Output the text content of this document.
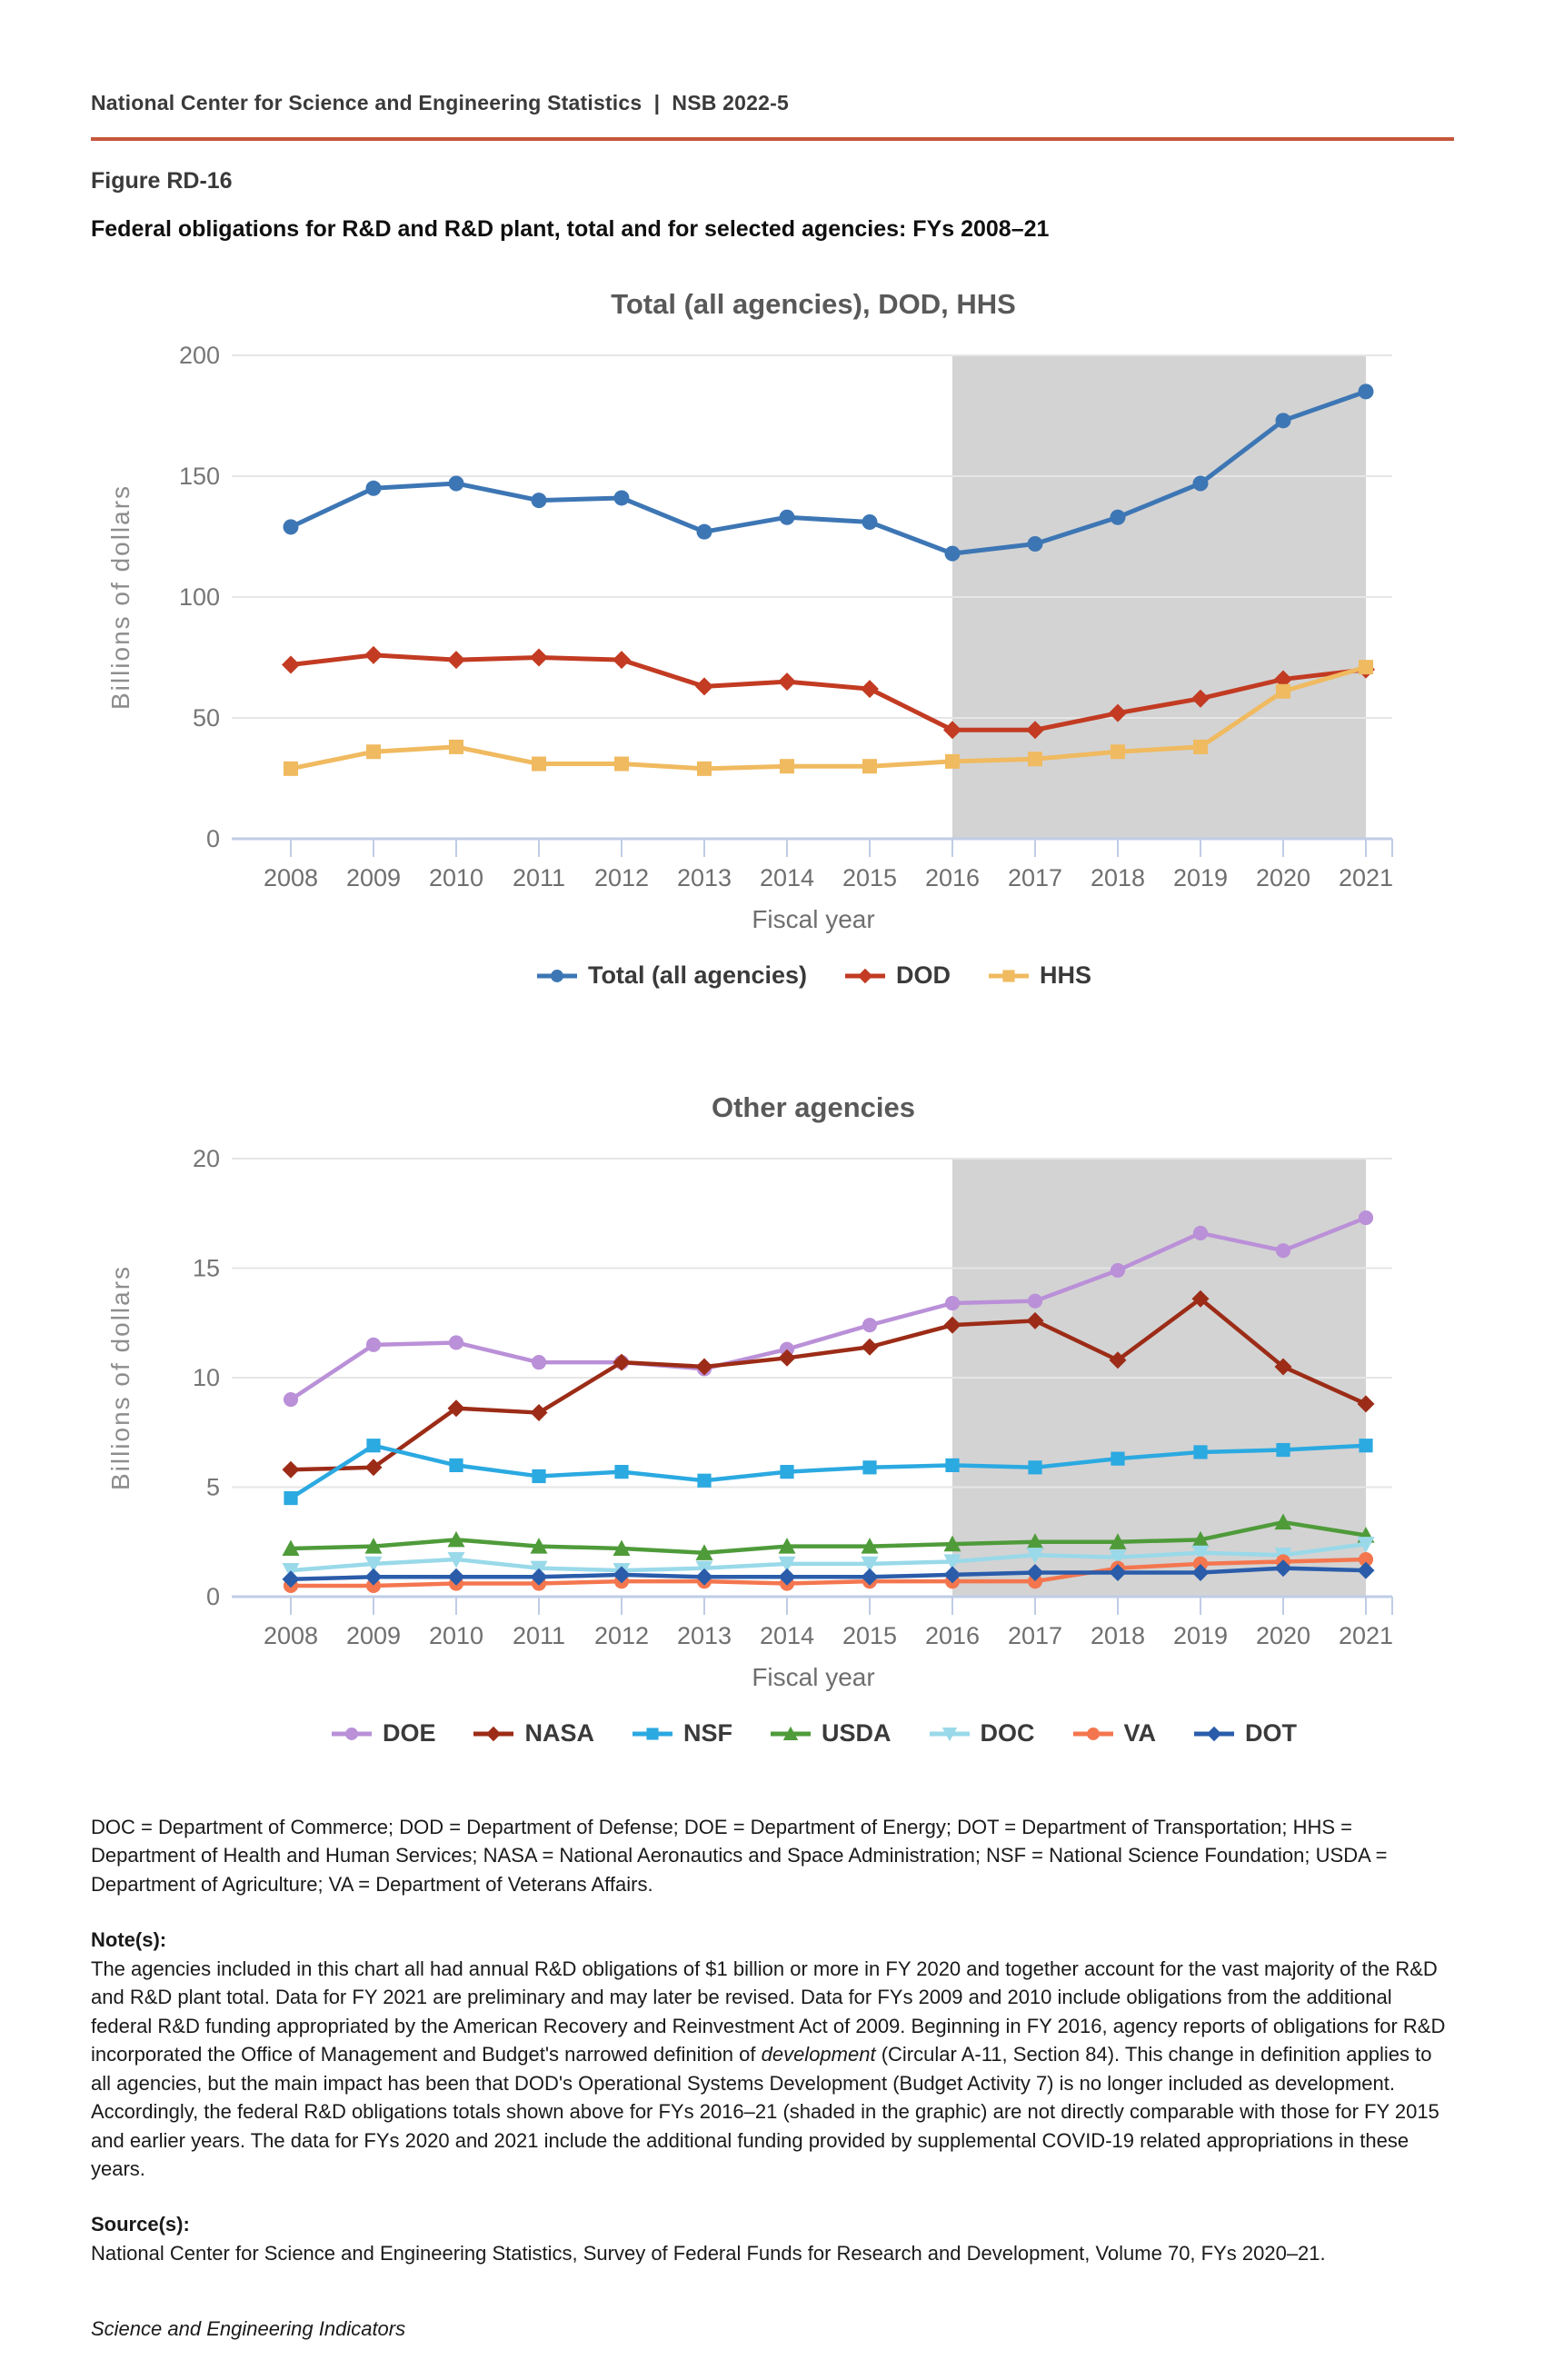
National Center for Science and Engineering Statistics  |  NSB 2022-5
Figure RD-16
Federal obligations for R&D and R&D plant, total and for selected agencies: FYs 2008–21
Total (all agencies), DOD, HHS
2008 2009 2010 2011 2012 2013 2014 2015 2016 2017 2018 2019 2020 2021
0
50
100
150
200
Billions of dollars
Fiscal year
Total (all agencies)	DOD	HHS
Other agencies
2008 2009 2010 2011 2012 2013 2014 2015 2016 2017 2018 2019 2020 2021
0
5
10
15
20
Billions of dollars
Fiscal year
DOE	NASA	NSF	USDA	DOC	VA	DOT

DOC = Department of Commerce; DOD = Department of Defense; DOE = Department of Energy; DOT = Department of Transportation; HHS = Department of Health and Human Services; NASA = National Aeronautics and Space Administration; NSF = National Science Foundation; USDA = Department of Agriculture; VA = Department of Veterans Affairs.

Note(s):

The agencies included in this chart all had annual R&D obligations of $1 billion or more in FY 2020 and together account for the vast majority of the R&D and R&D plant total. Data for FY 2021 are preliminary and may later be revised. Data for FYs 2009 and 2010 include obligations from the additional federal R&D funding appropriated by the American Recovery and Reinvestment Act of 2009. Beginning in FY 2016, agency reports of obligations for R&D incorporated the Office of Management and Budget's narrowed definition of development (Circular A-11, Section 84). This change in definition applies to all agencies, but the main impact has been that DOD's Operational Systems Development (Budget Activity 7) is no longer included as development. Accordingly, the federal R&D obligations totals shown above for FYs 2016–21 (shaded in the graphic) are not directly comparable with those for FY 2015 and earlier years. The data for FYs 2020 and 2021 include the additional funding provided by supplemental COVID-19 related appropriations in these years.

Source(s):

National Center for Science and Engineering Statistics, Survey of Federal Funds for Research and Development, Volume 70, FYs 2020–21.

Science and Engineering Indicators
